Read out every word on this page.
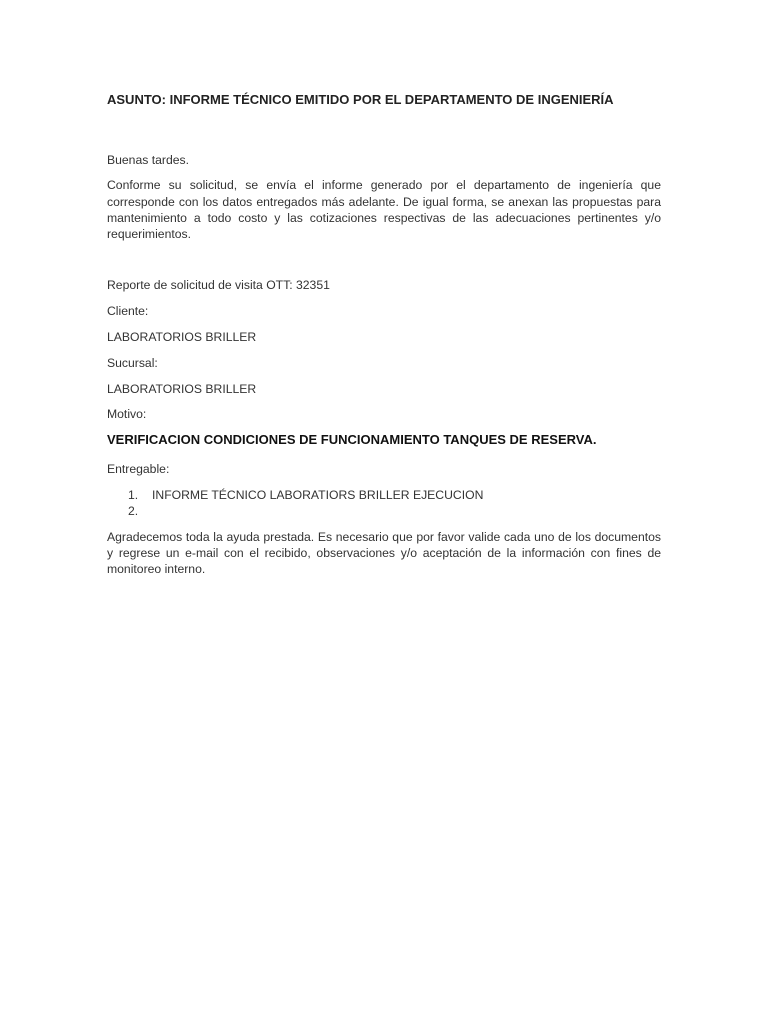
ASUNTO: INFORME TÉCNICO EMITIDO POR EL DEPARTAMENTO DE INGENIERÍA

Buenas tardes.

Conforme su solicitud, se envía el informe generado por el departamento de ingeniería que corresponde con los datos entregados más adelante. De igual forma, se anexan las propuestas para mantenimiento a todo costo y las cotizaciones respectivas de las adecuaciones pertinentes y/o requerimientos.

Reporte de solicitud de visita OTT: 32351

Cliente:

LABORATORIOS BRILLER

Sucursal:

LABORATORIOS BRILLER

Motivo:

VERIFICACION CONDICIONES DE FUNCIONAMIENTO TANQUES DE RESERVA.

Entregable:

1.	INFORME TÉCNICO LABORATIORS BRILLER EJECUCION
2.

Agradecemos toda la ayuda prestada. Es necesario que por favor valide cada uno de los documentos y regrese un e-mail con el recibido, observaciones y/o aceptación de la información con fines de monitoreo interno.
